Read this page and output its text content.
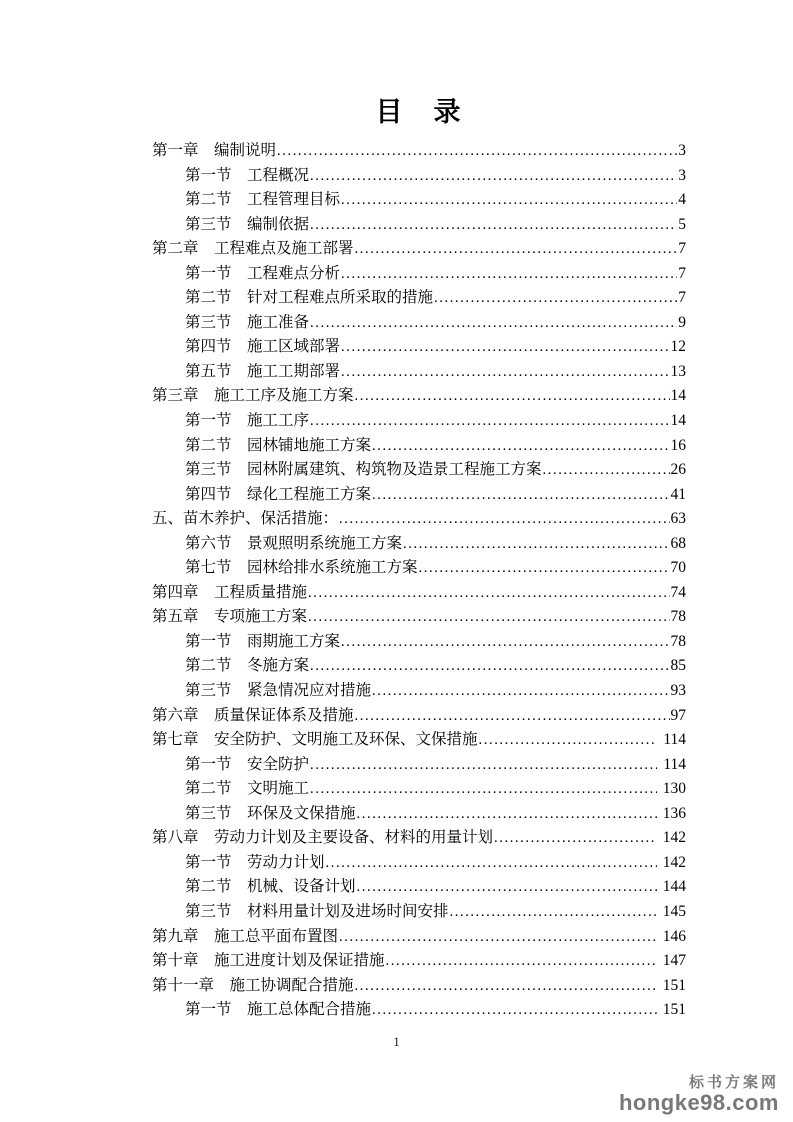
目　录
第一章　编制说明 .....	3
第一节　工程概况 .....	3
第二节　工程管理目标 .....	4
第三节　编制依据 .....	5
第二章　工程难点及施工部署 .....	7
第一节　工程难点分析 .....	7
第二节　针对工程难点所采取的措施 .....	7
第三节　施工准备 .....	9
第四节　施工区域部署 .....	12
第五节　施工工期部署 .....	13
第三章　施工工序及施工方案 .....	14
第一节　施工工序 .....	14
第二节　园林铺地施工方案 .....	16
第三节　园林附属建筑、构筑物及造景工程施工方案 .....	26
第四节　绿化工程施工方案 .....	41
五、苗木养护、保活措施： .....	63
第六节　景观照明系统施工方案 .....	68
第七节　园林给排水系统施工方案 .....	70
第四章　工程质量措施 .....	74
第五章　专项施工方案 .....	78
第一节　雨期施工方案 .....	78
第二节　冬施方案 .....	85
第三节　紧急情况应对措施 .....	93
第六章　质量保证体系及措施 .....	97
第七章　安全防护、文明施工及环保、文保措施 .....	114
第一节　安全防护 .....	114
第二节　文明施工 .....	130
第三节　环保及文保措施 .....	136
第八章　劳动力计划及主要设备、材料的用量计划 .....	142
第一节　劳动力计划 .....	142
第二节　机械、设备计划 .....	144
第三节　材料用量计划及进场时间安排 .....	145
第九章　施工总平面布置图 .....	146
第十章　施工进度计划及保证措施 .....	147
第十一章　施工协调配合措施 .....	151
第一节　施工总体配合措施 .....	151
1

标书方案网

hongke98.com
